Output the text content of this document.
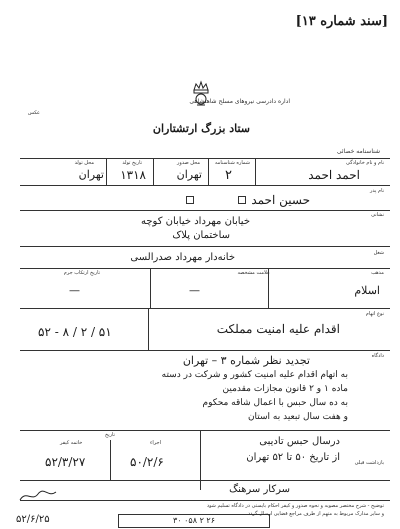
[سند شماره ۱۳]
اداره دادرسی نیروهای مسلح شاهنشاهی
ستاد بزرگ ارتشتاران
شناسنامه خصائی
عکس
نام و نام خانوادگی
احمد احمد
شماره شناسنامه
۲
محل صدور
تهران
تاریخ تولد
۱۳۱۸
محل تولد
تهران
نام پدر
حسین احمد
نشانی
خیابان مهرداد خیابان کوچه
ساختمان پلاک
شغل
خانه‌دار مهرداد صدرالسی
مذهب
اسلام
علامت مشخصه
—
تاریخ ارتکاب جرم
—
نوع اتهام
اقدام علیه امنیت مملکت
۵۲ - ۸ / ۲ / ۵۱
دادگاه
تجدید نظر شماره ۳ – تهران
به اتهام اقدام علیه امنیت کشور و شرکت در دسته
ماده ۱ و ۲ قانون مجازات مقدمین
به ده سال حبس با اعمال شاقه محکوم
و هفت سال تبعید به استان
تاریخ
اجراء
خاتمه کیفر
۵۰/۲/۶
۵۲/۳/۲۷	بازداشت قبلی
درسال حبس تادیبی
از تاریخ ۵۰ تا ۵۲ تهران
سرکار سرهنگ
توضیح - شرح مختصر مصوبه و نحوه صدور و کیفر احکام بایستی در دادگاه تسلیم شود
و سایر مدارک مربوط به متهم از طرف مراجع قضایی ارسال گردد
۵۲/۶/۲۵	۲۶ ۲ ۰۵۸ ۳۰
